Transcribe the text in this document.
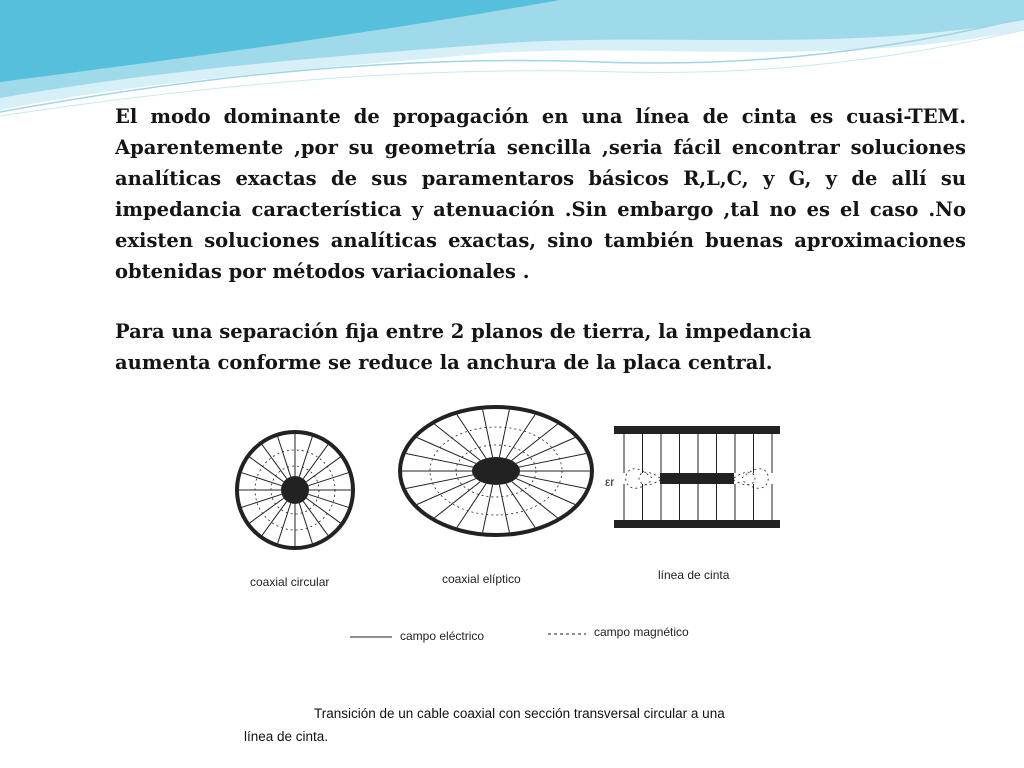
El modo dominante de propagación en una línea de cinta es cuasi-TEM. Aparentemente ,por su geometría sencilla ,seria fácil encontrar soluciones analíticas exactas de sus paramentaros básicos R,L,C, y G, y de allí su impedancia característica y atenuación .Sin embargo ,tal no es el caso .No existen soluciones analíticas exactas, sino también buenas aproximaciones obtenidas por métodos variacionales .

Para una separación fija entre 2 planos de tierra, la impedancia
aumenta conforme se reduce la anchura de la placa central.
εr
coaxial circular	coaxial elíptico	línea de cinta
campo eléctrico	campo magnético
Transición de un cable coaxial con sección transversal circular a una
línea de cinta.
